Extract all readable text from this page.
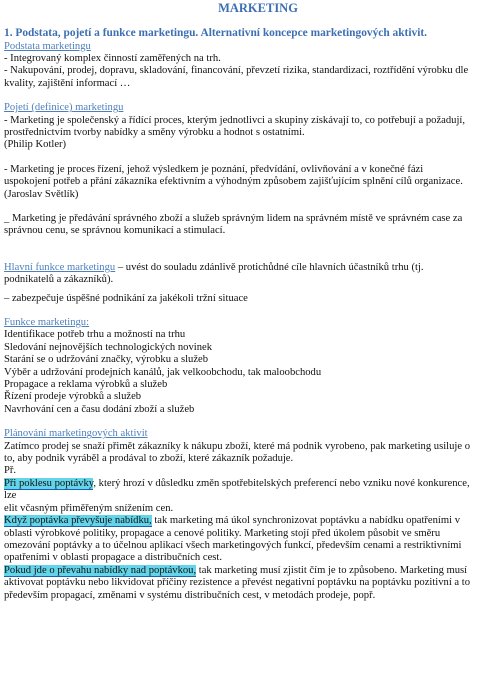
MARKETING
1. Podstata, pojetí a funkce marketingu. Alternativní koncepce marketingových aktivit.

Podstata marketingu

- Integrovaný komplex činností zaměřených na trh.

- Nakupování, prodej, dopravu, skladování, financování, převzetí rizika, standardizaci, roztřídění výrobku dle kvality, zajištění informací …

Pojetí (definice) marketingu

- Marketing je společenský a řídící proces, kterým jednotlivci a skupiny získávají to, co potřebují a požadují, prostřednictvím tvorby nabídky a směny výrobku a hodnot s ostatními.

(Philip Kotler)

- Marketing je proces řízení, jehož výsledkem je poznání, předvídání, ovlivňování a v konečné fázi uspokojení potřeb a přání zákazníka efektivním a výhodným způsobem zajišťujícím splnění cílů organizace.

(Jaroslav Světlík)

_ Marketing je předávání správného zboží a služeb správným lidem na správném místě ve správném case za správnou cenu, se správnou komunikací a stimulací.

Hlavní funkce marketingu – uvést do souladu zdánlivě protichůdné cíle hlavních účastníků trhu (tj. podnikatelů a zákazníků).

– zabezpečuje úspěšné podnikání za jakékoli tržní situace

Funkce marketingu:

Identifikace potřeb trhu a možností na trhu

Sledování nejnovějších technologických novinek

Starání se o udržování značky, výrobku a služeb

Výběr a udržování prodejních kanálů, jak velkoobchodu, tak maloobchodu

Propagace a reklama výrobků a služeb

Řízení prodeje výrobků a služeb

Navrhování cen a času dodání zboží a služeb

Plánování marketingových aktivit

Zatímco prodej se snaží přimět zákazníky k nákupu zboží, které má podnik vyrobeno, pak marketing usiluje o to, aby podnik vyráběl a prodával to zboží, které zákazník požaduje.

Př.

Při poklesu poptávky, který hrozí v důsledku změn spotřebitelských preferencí nebo vzniku nové konkurence, lze

elit včasným přiměřeným snížením cen.

Když poptávka převyšuje nabídku, tak marketing má úkol synchronizovat poptávku a nabídku opatřeními v oblasti výrobkové politiky, propagace a cenové politiky. Marketing stojí před úkolem působit ve směru omezování poptávky a to účelnou aplikací všech marketingových funkcí, především cenami a restriktivními opatřeními v oblasti propagace a distribučních cest.

Pokud jde o převahu nabídky nad poptávkou, tak marketing musí zjistit čím je to způsobeno. Marketing musí aktivovat poptávku nebo likvidovat příčiny rezistence a převést negativní poptávku na poptávku pozitivní a to především propagací, změnami v systému distribučních cest, v metodách prodeje, popř.
